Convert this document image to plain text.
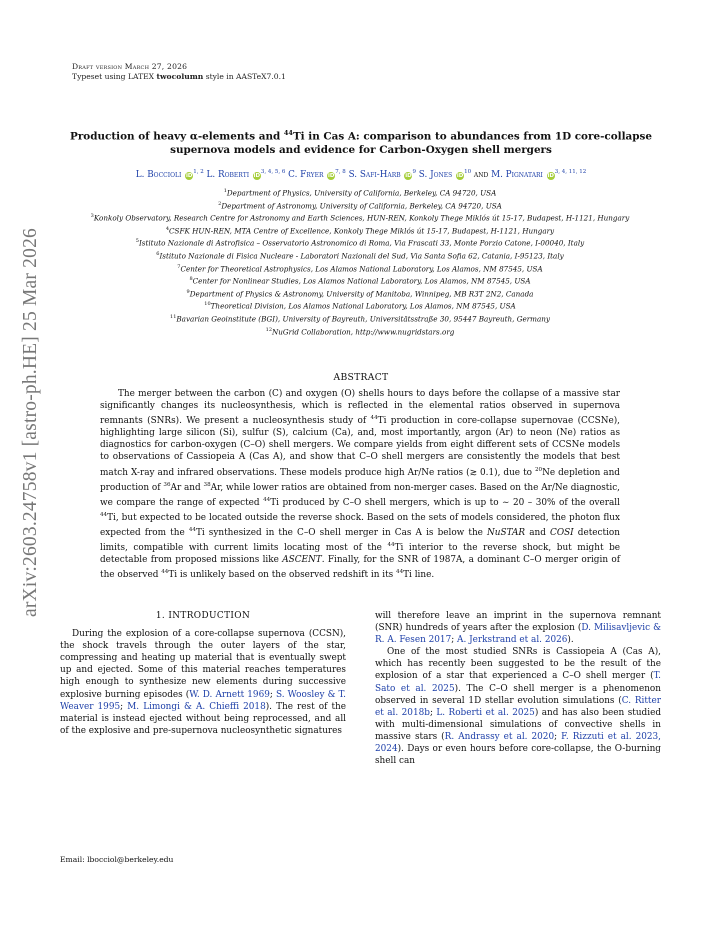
Draft version March 27, 2026
Typeset using LATEX twocolumn style in AASTeX7.0.1
arXiv:2603.24758v1 [astro-ph.HE] 25 Mar 2026
Production of heavy α-elements and $^{44}$Ti in Cas A: comparison to abundances from 1D core-collapse
supernova models and evidence for Carbon-Oxygen shell mergers
L. Boccioli iD$^{1, 2}$ L. Roberti iD$^{3, 4, 5, 6}$ C. Fryer iD$^{7, 8}$ S. Safi-Harb $iD^9$ S. Jones $iD^{10}$ and M. Pignatari iD$^{3, 4, 11, 12}$
$^1$Department of Physics, University of California, Berkeley, CA 94720, USA
$^2$Department of Astronomy, University of California, Berkeley, CA 94720, USA
$^3$Konkoly Observatory, Research Centre for Astronomy and Earth Sciences, HUN-REN, Konkoly Thege Miklós út 15-17, Budapest, H-1121, Hungary
$^4$CSFK HUN-REN, MTA Centre of Excellence, Konkoly Thege Miklós út 15-17, Budapest, H-1121, Hungary
$^5$Istituto Nazionale di Astrofisica – Osservatorio Astronomico di Roma, Via Frascati 33, Monte Porzio Catone, I-00040, Italy
$^6$Istituto Nazionale di Fisica Nucleare - Laboratori Nazionali del Sud, Via Santa Sofia 62, Catania, I-95123, Italy
$^7$Center for Theoretical Astrophysics, Los Alamos National Laboratory, Los Alamos, NM 87545, USA
$^8$Center for Nonlinear Studies, Los Alamos National Laboratory, Los Alamos, NM 87545, USA
$^9$Department of Physics & Astronomy, University of Manitoba, Winnipeg, MB R3T 2N2, Canada
$^{10}$Theoretical Division, Los Alamos National Laboratory, Los Alamos, NM 87545, USA
$^{11}$Bavarian Geoinstitute (BGI), University of Bayreuth, Universitätsstraße 30, 95447 Bayreuth, Germany
$^{12}$NuGrid Collaboration, http://www.nugridstars.org
ABSTRACT
The merger between the carbon (C) and oxygen (O) shells hours to days before the collapse of a massive star significantly changes its nucleosynthesis, which is reflected in the elemental ratios observed in supernova remnants (SNRs). We present a nucleosynthesis study of $^{44}$Ti production in core-collapse supernovae (CCSNe), highlighting large silicon (Si), sulfur (S), calcium (Ca), and, most importantly, argon (Ar) to neon (Ne) ratios as diagnostics for carbon-oxygen (C–O) shell mergers. We compare yields from eight different sets of CCSNe models to observations of Cassiopeia A (Cas A), and show that C–O shell mergers are consistently the models that best match X-ray and infrared observations. These models produce high Ar/Ne ratios (≳ 0.1), due to $^{20}$Ne depletion and production of $^{36}$Ar and $^{38}$Ar, while lower ratios are obtained from non-merger cases. Based on the Ar/Ne diagnostic, we compare the range of expected $^{44}$Ti produced by C–O shell mergers, which is up to ∼ 20 – 30% of the overall $^{44}$Ti, but expected to be located outside the reverse shock. Based on the sets of models considered, the photon flux expected from the $^{44}$Ti synthesized in the C–O shell merger in Cas A is below the NuSTAR and COSI detection limits, compatible with current limits locating most of the $^{44}$Ti interior to the reverse shock, but might be detectable from proposed missions like ASCENT. Finally, for the SNR of 1987A, a dominant C–O merger origin of the observed $^{44}$Ti is unlikely based on the observed redshift in its $^{44}$Ti line.
1. INTRODUCTION

During the explosion of a core-collapse supernova (CCSN), the shock travels through the outer layers of the star, compressing and heating up material that is eventually swept up and ejected. Some of this material reaches temperatures high enough to synthesize new elements during successive explosive burning episodes (W. D. Arnett 1969; S. Woosley & T. Weaver 1995; M. Limongi & A. Chieffi 2018). The rest of the material is instead ejected without being reprocessed, and all of the explosive and pre-supernova nucleosynthetic signatures

will therefore leave an imprint in the supernova remnant (SNR) hundreds of years after the explosion (D. Milisavljevic & R. A. Fesen 2017; A. Jerkstrand et al. 2026).

One of the most studied SNRs is Cassiopeia A (Cas A), which has recently been suggested to be the result of the explosion of a star that experienced a C–O shell merger (T. Sato et al. 2025). The C–O shell merger is a phenomenon observed in several 1D stellar evolution simulations (C. Ritter et al. 2018b; L. Roberti et al. 2025) and has also been studied with multi-dimensional simulations of convective shells in massive stars (R. Andrassy et al. 2020; F. Rizzuti et al. 2023, 2024). Days or even hours before core-collapse, the O-burning shell can

Email: lbocciol@berkeley.edu
